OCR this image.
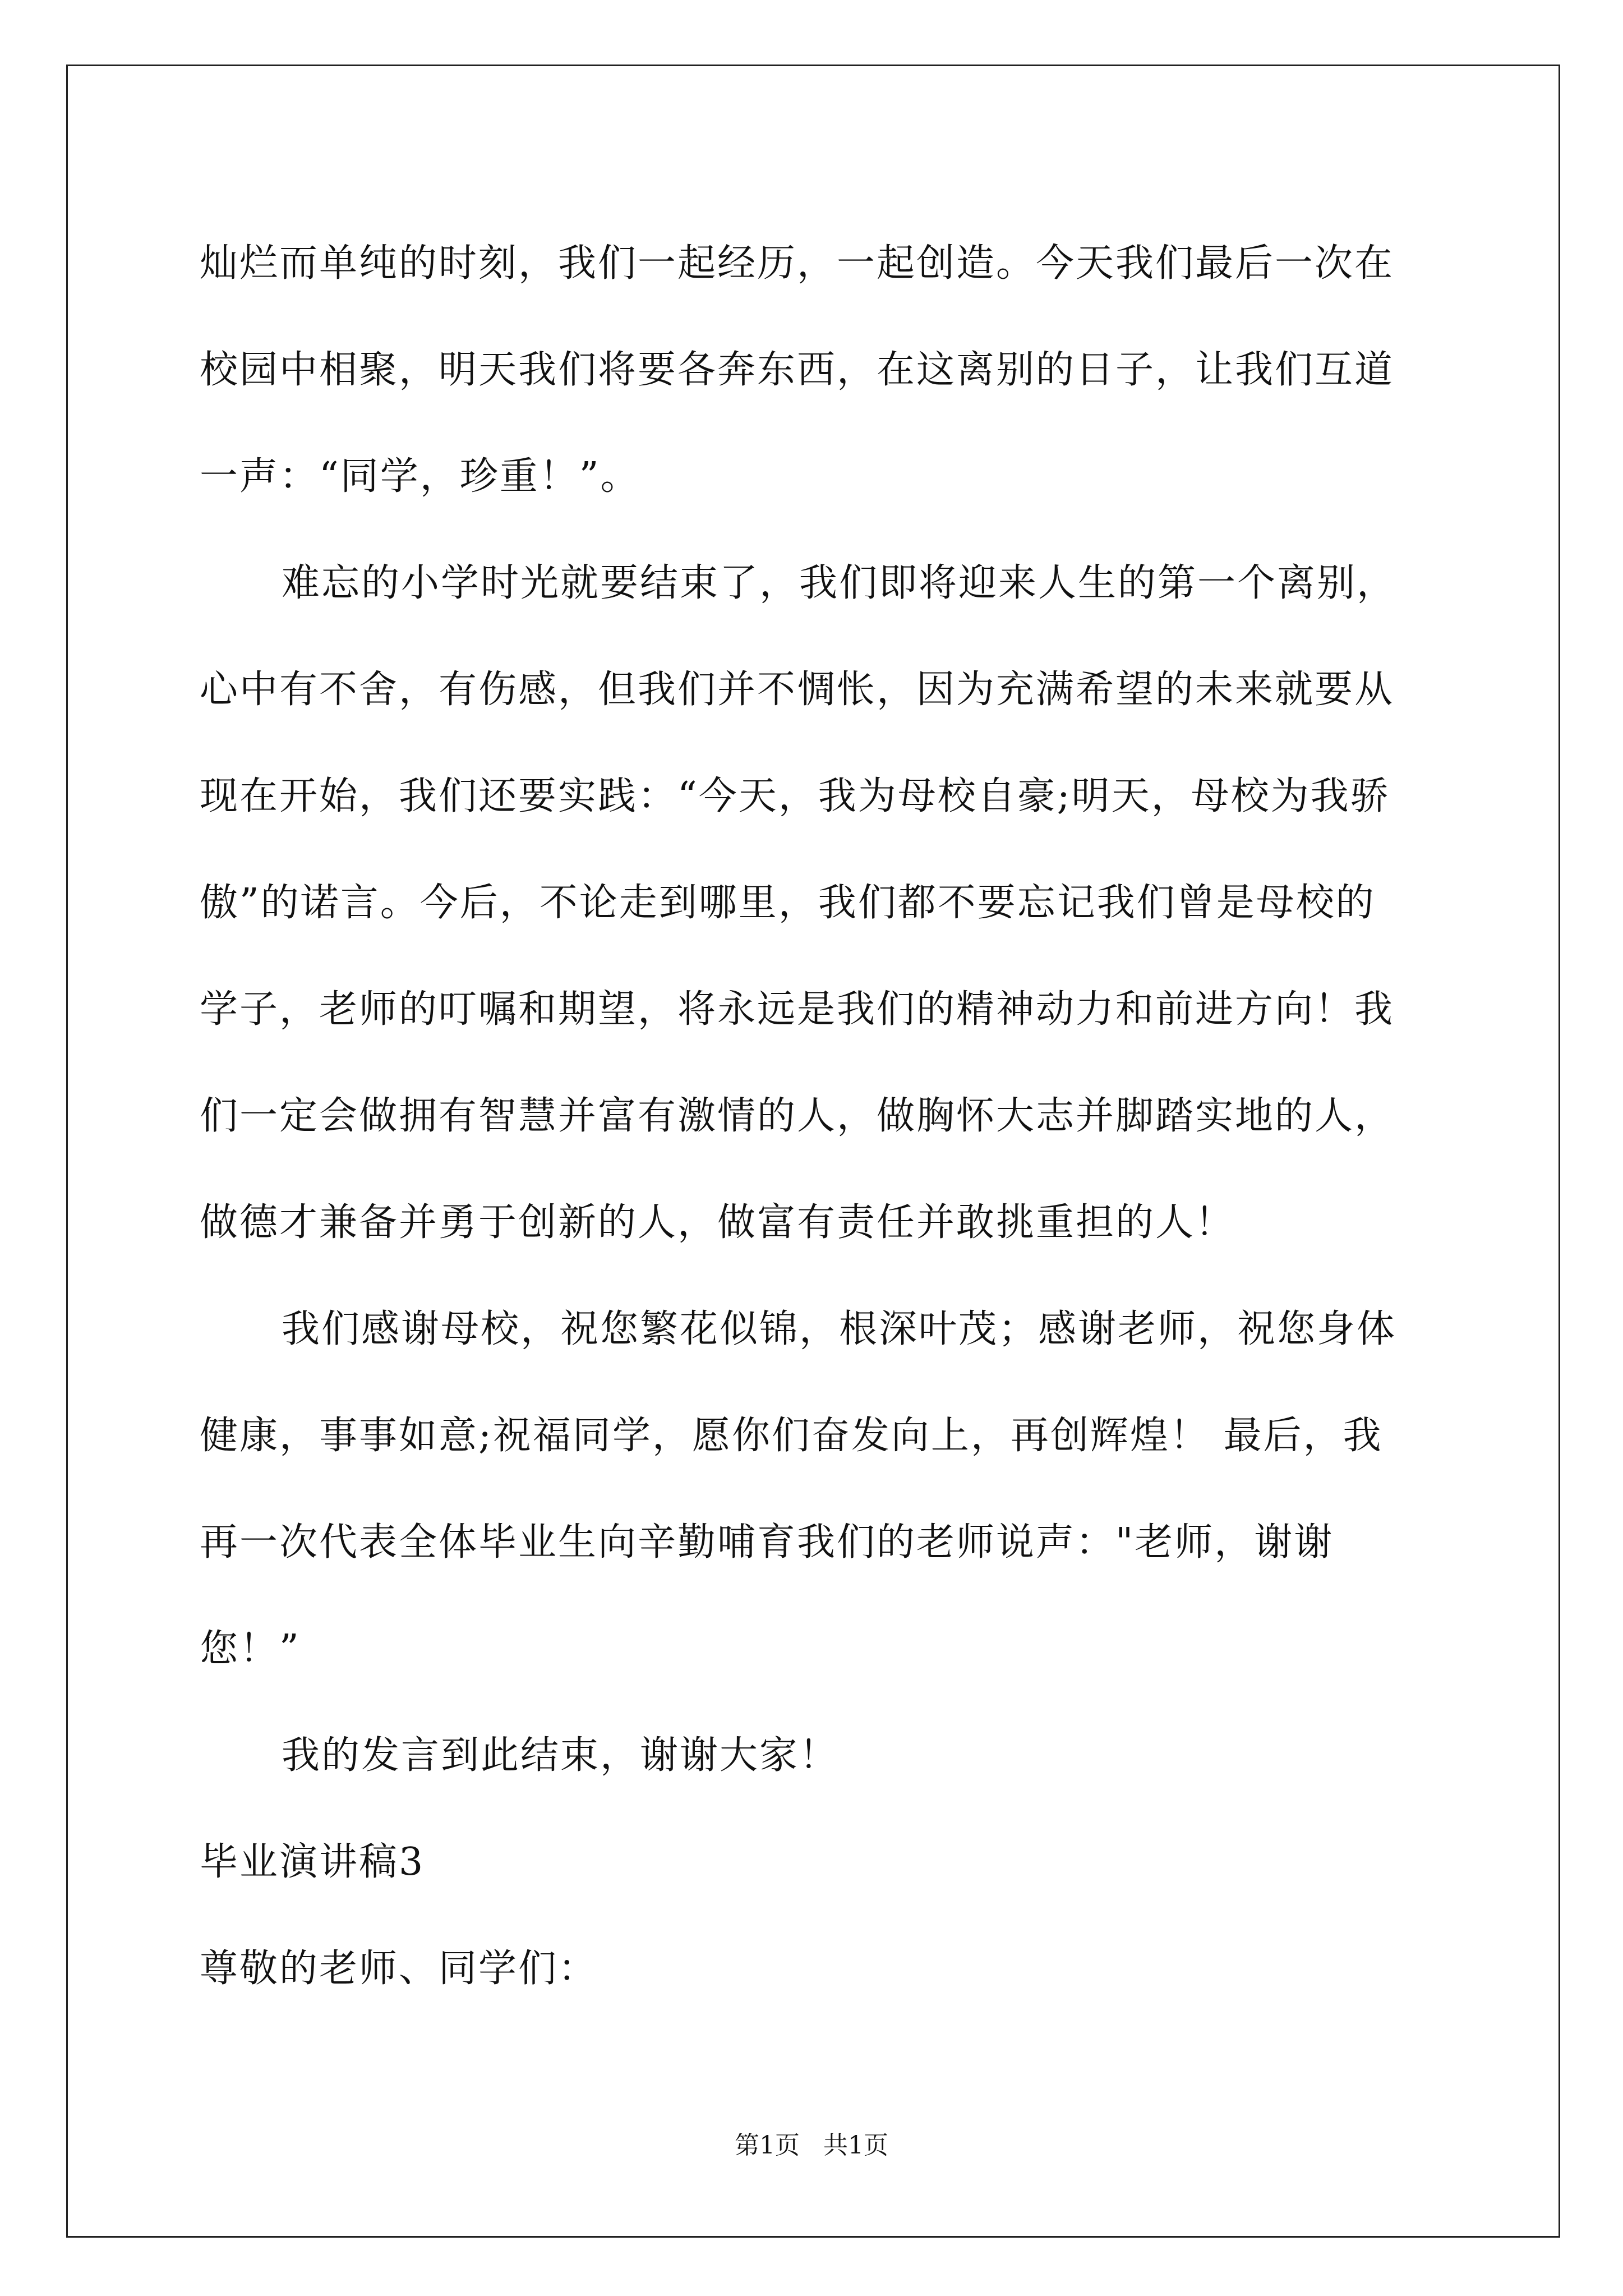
灿烂而单纯的时刻，我们一起经历，一起创造。今天我们最后一次在
校园中相聚，明天我们将要各奔东西，在这离别的日子，让我们互道
一声：“同学，珍重！”。
难忘的小学时光就要结束了，我们即将迎来人生的第一个离别，
心中有不舍，有伤感，但我们并不惆怅，因为充满希望的未来就要从
现在开始，我们还要实践：“今天，我为母校自豪;明天，母校为我骄
傲”的诺言。今后，不论走到哪里，我们都不要忘记我们曾是母校的
学子，老师的叮嘱和期望，将永远是我们的精神动力和前进方向！我
们一定会做拥有智慧并富有激情的人，做胸怀大志并脚踏实地的人，
做德才兼备并勇于创新的人，做富有责任并敢挑重担的人！
我们感谢母校，祝您繁花似锦，根深叶茂；感谢老师，祝您身体
健康，事事如意;祝福同学，愿你们奋发向上，再创辉煌！ 最后，我
再一次代表全体毕业生向辛勤哺育我们的老师说声："老师，谢谢
您！”
我的发言到此结束，谢谢大家！
毕业演讲稿3
尊敬的老师、同学们：
第1页   共1页
